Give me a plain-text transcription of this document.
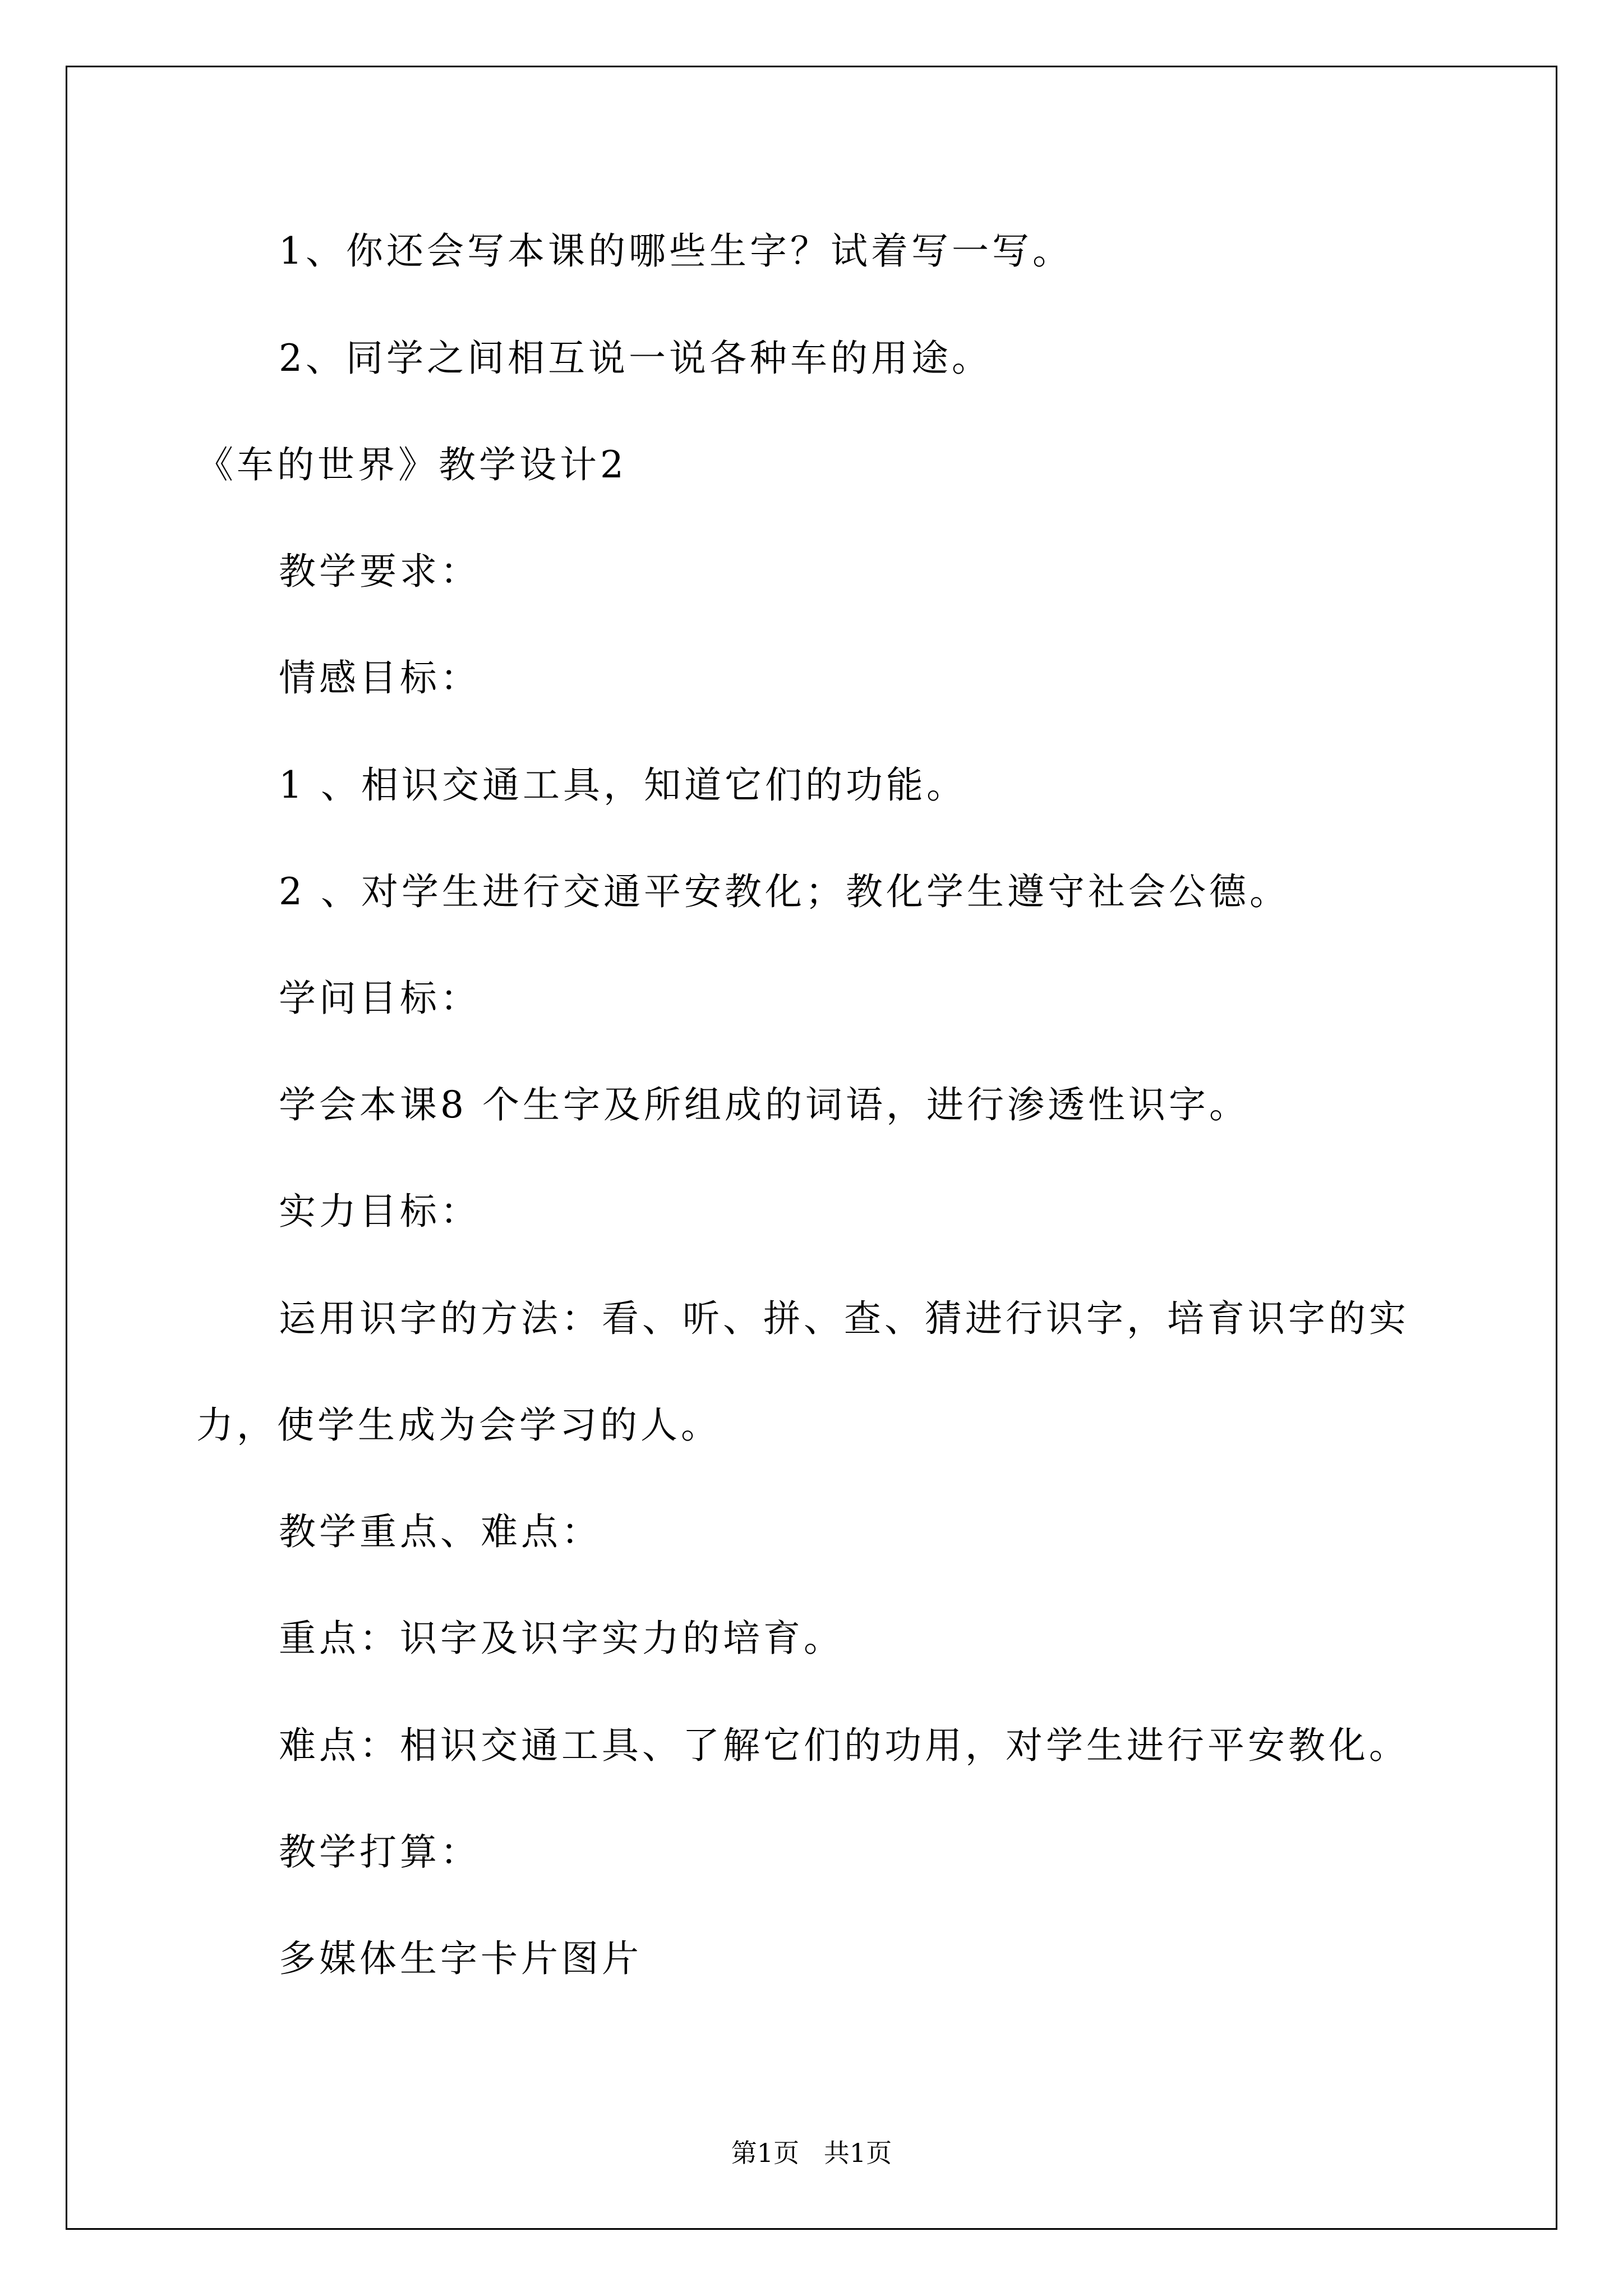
1、你还会写本课的哪些生字？试着写一写。
2、同学之间相互说一说各种车的用途。
《车的世界》教学设计2
教学要求：
情感目标：
1 、相识交通工具，知道它们的功能。
2 、对学生进行交通平安教化；教化学生遵守社会公德。
学问目标：
学会本课8 个生字及所组成的词语，进行渗透性识字。
实力目标：
运用识字的方法：看、听、拼、查、猜进行识字，培育识字的实
力，使学生成为会学习的人。
教学重点、难点：
重点：识字及识字实力的培育。
难点：相识交通工具、了解它们的功用，对学生进行平安教化。
教学打算：
多媒体生字卡片图片
第1页   共1页
